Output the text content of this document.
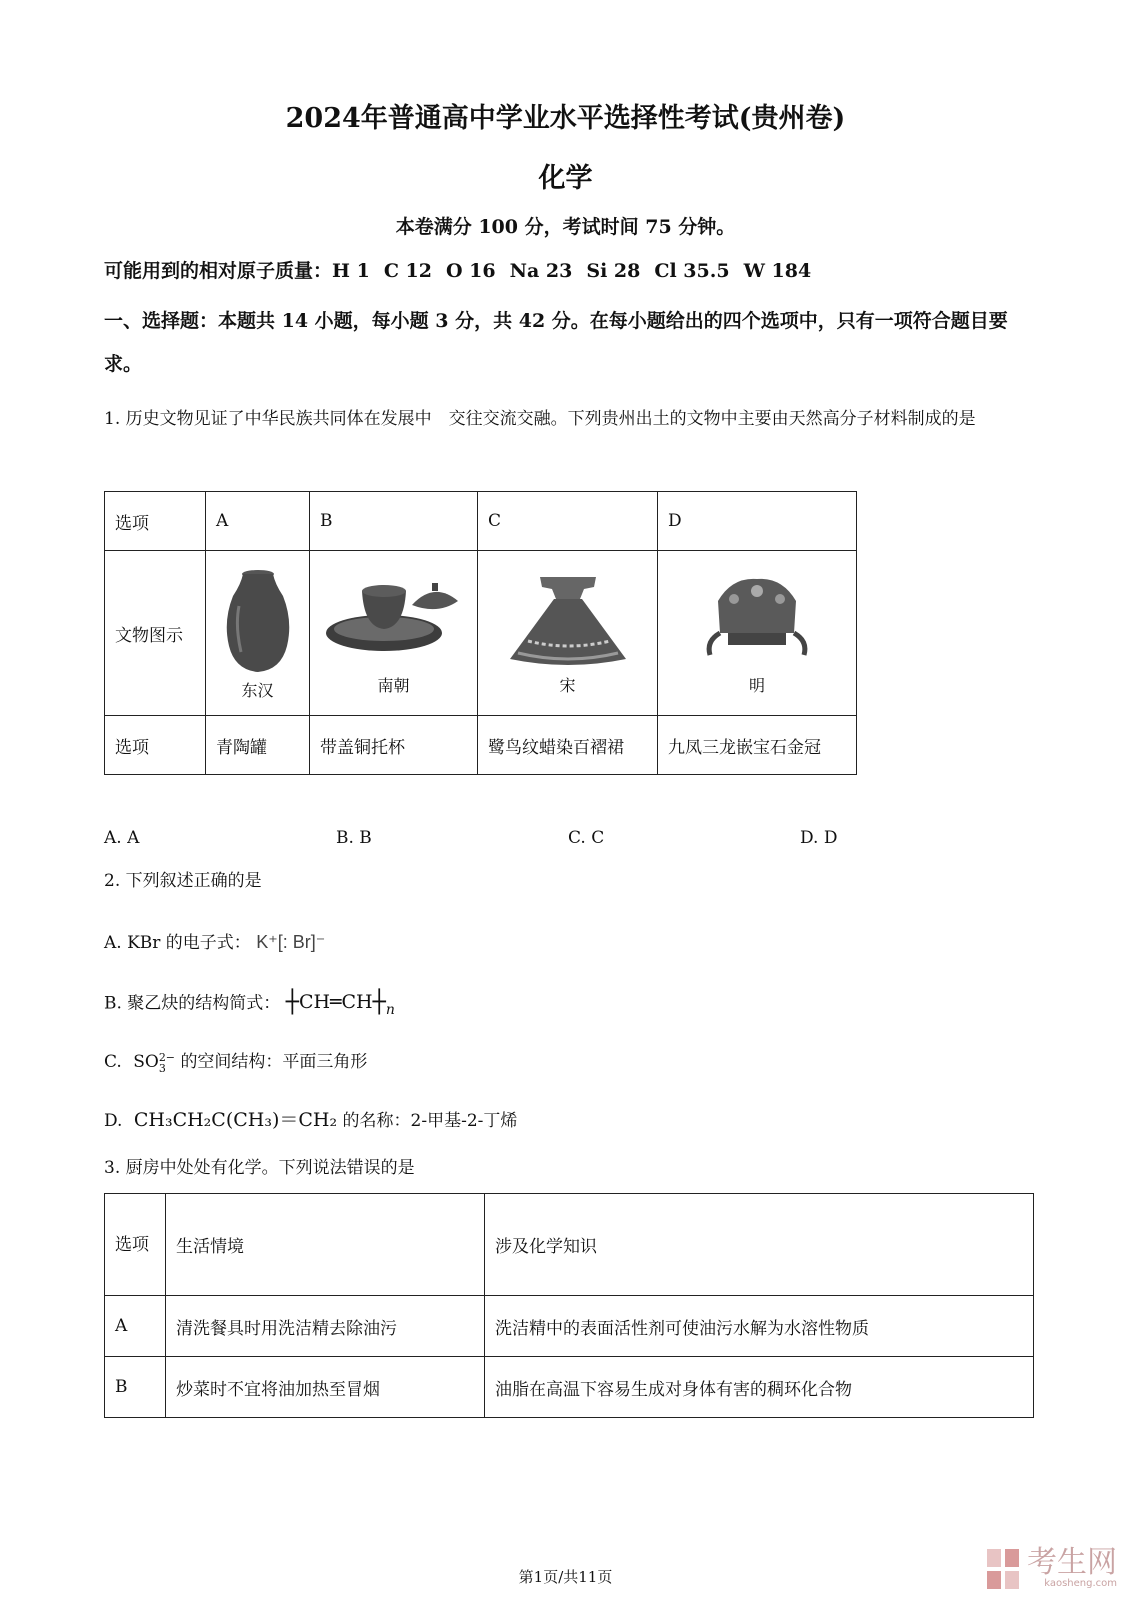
2024年普通高中学业水平选择性考试(贵州卷)
化学
本卷满分 100 分，考试时间 75 分钟。
可能用到的相对原子质量：H 1 C 12 O 16 Na 23 Si 28 Cl 35.5 W 184
一、选择题：本题共 14 小题，每小题 3 分，共 42 分。在每小题给出的四个选项中，只有一项符合题目要求。
1. 历史文物见证了中华民族共同体在发展中　交往交流交融。下列贵州出土的文物中主要由天然高分子材料制成的是
选项	A	B	C	D
文物图示	东汉	南朝	宋	明

选项	青陶罐	带盖铜托杯	鹭鸟纹蜡染百褶裙	九凤三龙嵌宝石金冠
A. A	B. B	C. C	D. D
2. 下列叙述正确的是
A. KBr 的电子式： K⁺[: Br]⁻
B. 聚乙炔的结构简式： ┼ CH═CH $┼_n$
C. SO 2−
3 的空间结构：平面三角形
D. CH₃CH₂C(CH₃)＝CH₂ 的名称：2-甲基-2-丁烯
3. 厨房中处处有化学。下列说法错误的是
选项	生活情境	涉及化学知识
A	清洗餐具时用洗洁精去除油污	洗洁精中的表面活性剂可使油污水解为水溶性物质
B	炒菜时不宜将油加热至冒烟	油脂在高温下容易生成对身体有害的稠环化合物
第1页/共11页	考生网
kaosheng.com
